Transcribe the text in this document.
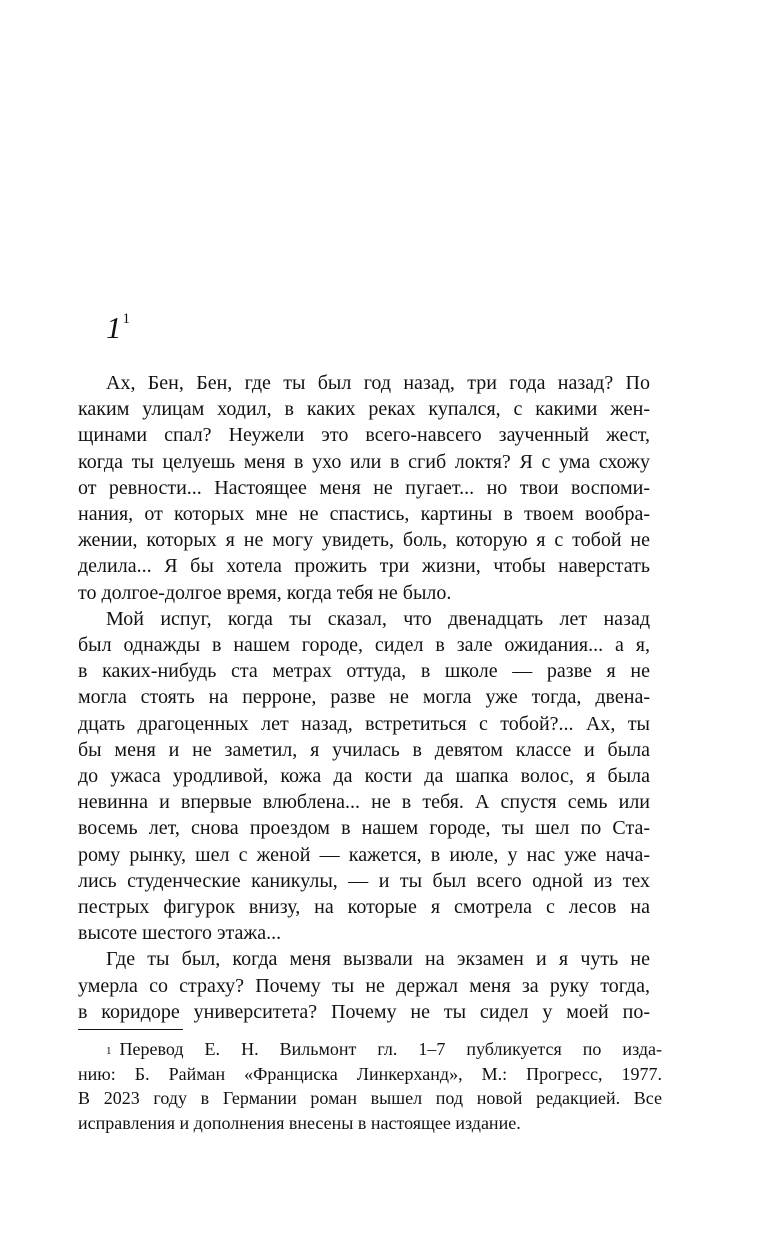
$1^1$

Ах, Бен, Бен, где ты был год назад, три года назад? По
каким улицам ходил, в каких реках купался, с какими жен-
щинами спал? Неужели это всего-навсего заученный жест,
когда ты целуешь меня в ухо или в сгиб локтя? Я с ума схожу
от ревности... Настоящее меня не пугает... но твои воспоми-
нания, от которых мне не спастись, картины в твоем вообра-
жении, которых я не могу увидеть, боль, которую я с тобой не
делила... Я бы хотела прожить три жизни, чтобы наверстать
то долгое-долгое время, когда тебя не было.

Мой испуг, когда ты сказал, что двенадцать лет назад
был однажды в нашем городе, сидел в зале ожидания... а я,
в каких-нибудь ста метрах оттуда, в школе — разве я не
могла стоять на перроне, разве не могла уже тогда, двена-
дцать драгоценных лет назад, встретиться с тобой?... Ах, ты
бы меня и не заметил, я училась в девятом классе и была
до ужаса уродливой, кожа да кости да шапка волос, я была
невинна и впервые влюблена... не в тебя. А спустя семь или
восемь лет, снова проездом в нашем городе, ты шел по Ста-
рому рынку, шел с женой — кажется, в июле, у нас уже нача-
лись студенческие каникулы, — и ты был всего одной из тех
пестрых фигурок внизу, на которые я смотрела с лесов на
высоте шестого этажа...

Где ты был, когда меня вызвали на экзамен и я чуть не
умерла со страху? Почему ты не держал меня за руку тогда,
в коридоре университета? Почему не ты сидел у моей по-

$^1$ Перевод Е. Н. Вильмонт гл. 1–7 публикуется по изда-
нию: Б. Райман «Франциска Линкерханд», М.: Прогресс, 1977.
В 2023 году в Германии роман вышел под новой редакцией. Все
исправления и дополнения внесены в настоящее издание.
